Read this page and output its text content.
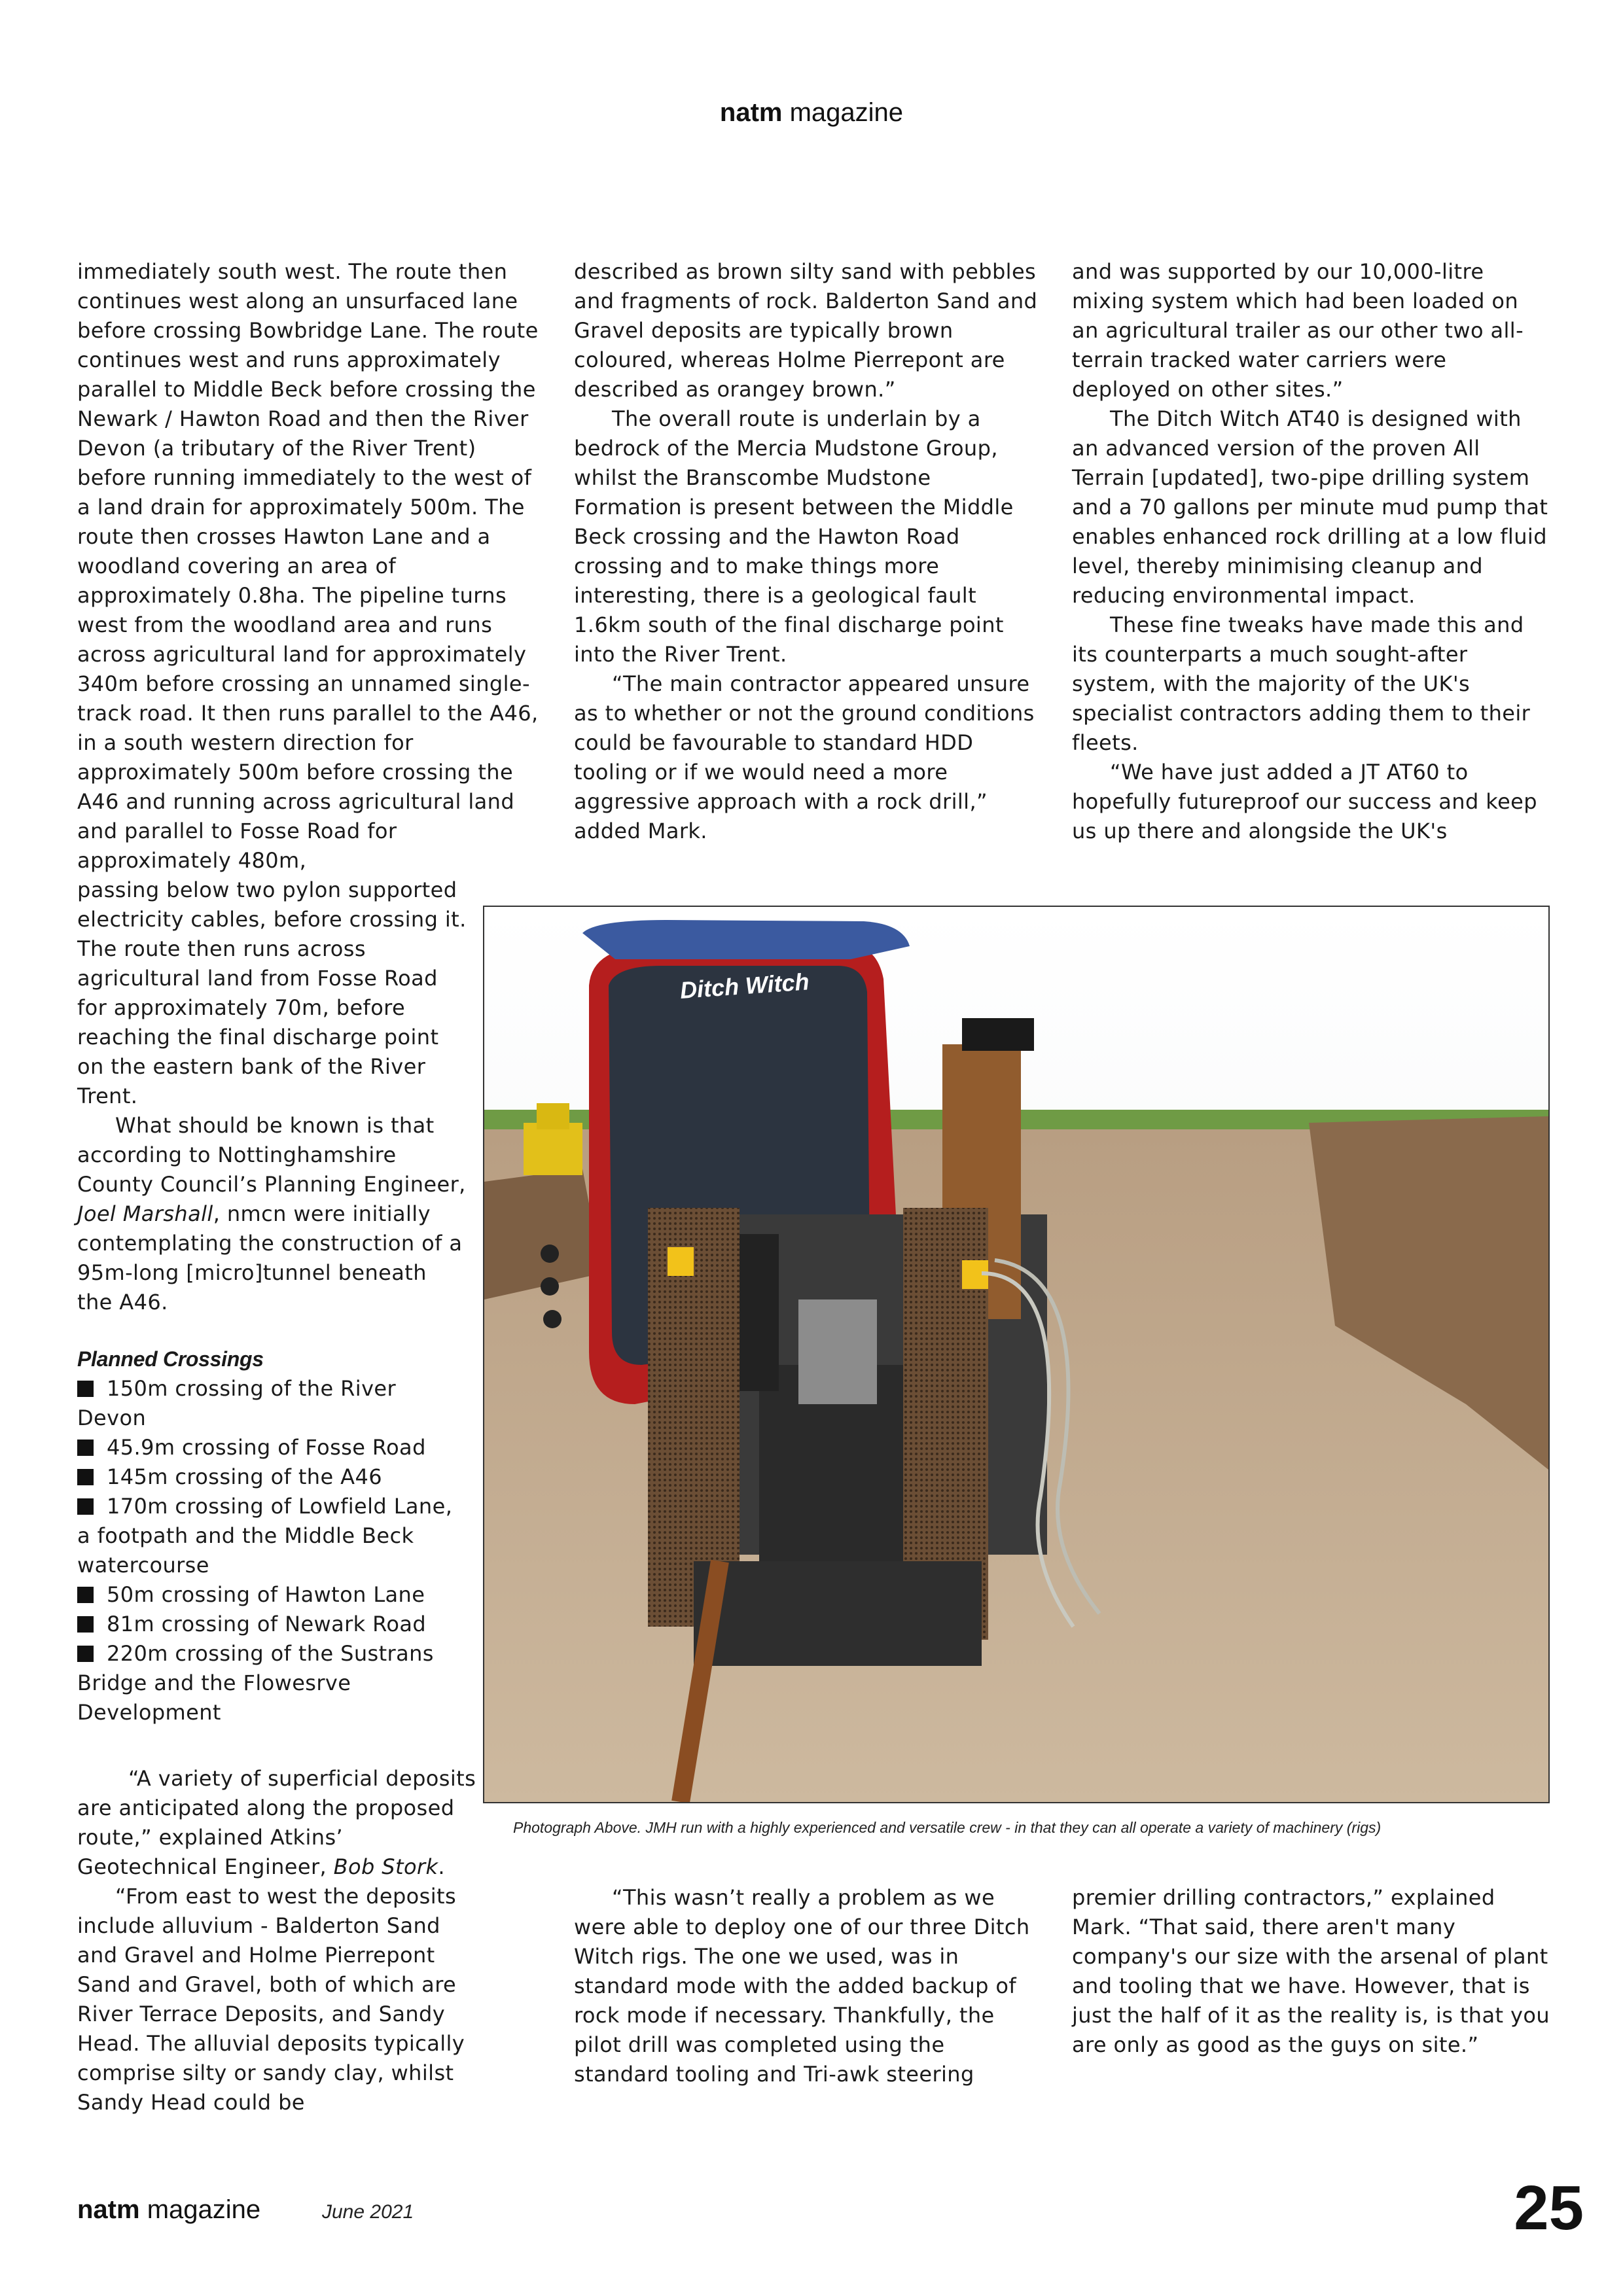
natm magazine

immediately south west. The route then continues west along an unsurfaced lane before crossing Bowbridge Lane. The route continues west and runs approximately parallel to Middle Beck before crossing the Newark / Hawton Road and then the River Devon (a tributary of the River Trent) before running immediately to the west of a land drain for approximately 500m. The route then crosses Hawton Lane and a woodland covering an area of approximately 0.8ha. The pipeline turns west from the woodland area and runs across agricultural land for approximately 340m before crossing an unnamed single-track road. It then runs parallel to the A46, in a south western direction for approximately 500m before crossing the A46 and running across agricultural land and parallel to Fosse Road for approximately 480m,

passing below two pylon supported electricity cables, before crossing it. The route then runs across agricultural land from Fosse Road for approximately 70m, before reaching the final discharge point on the eastern bank of the River Trent.

What should be known is that according to Nottinghamshire County Council’s Planning Engineer, Joel Marshall, nmcn were initially contemplating the construction of a 95m-long [micro]tunnel beneath the A46.

Planned Crossings

150m crossing of the River Devon

45.9m crossing of Fosse Road

145m crossing of the A46

170m crossing of Lowfield Lane, a footpath and the Middle Beck watercourse

50m crossing of Hawton Lane

81m crossing of Newark Road

220m crossing of the Sustrans Bridge and the Flowesrve Development

“A variety of superficial deposits are anticipated along the proposed route,” explained Atkins’ Geotechnical Engineer, Bob Stork.

“From east to west the deposits include alluvium - Balderton Sand and Gravel and Holme Pierrepont Sand and Gravel, both of which are River Terrace Deposits, and Sandy Head. The alluvial deposits typically comprise silty or sandy clay, whilst Sandy Head could be

described as brown silty sand with pebbles and fragments of rock. Balderton Sand and Gravel deposits are typically brown coloured, whereas Holme Pierrepont are described as orangey brown.”

The overall route is underlain by a bedrock of the Mercia Mudstone Group, whilst the Branscombe Mudstone Formation is present between the Middle Beck crossing and the Hawton Road crossing and to make things more interesting, there is a geological fault 1.6km south of the final discharge point into the River Trent.

“The main contractor appeared unsure as to whether or not the ground conditions could be favourable to standard HDD tooling or if we would need a more aggressive approach with a rock drill,” added Mark.

“This wasn’t really a problem as we were able to deploy one of our three Ditch Witch rigs. The one we used, was in standard mode with the added backup of rock mode if necessary. Thankfully, the pilot drill was completed using the standard tooling and Tri-awk steering

and was supported by our 10,000-litre mixing system which had been loaded on an agricultural trailer as our other two all-terrain tracked water carriers were deployed on other sites.”

The Ditch Witch AT40 is designed with an advanced version of the proven All Terrain [updated], two-pipe drilling system and a 70 gallons per minute mud pump that enables enhanced rock drilling at a low fluid level, thereby minimising cleanup and reducing environmental impact.

These fine tweaks have made this and its counterparts a much sought-after system, with the majority of the UK's specialist contractors adding them to their fleets.

“We have just added a JT AT60 to hopefully futureproof our success and keep us up there and alongside the UK's

premier drilling contractors,” explained Mark. “That said, there aren't many company's our size with the arsenal of plant and tooling that we have. However, that is just the half of it as the reality is, is that you are only as good as the guys on site.”

Ditch Witch
Photograph Above. JMH run with a highly experienced and versatile crew - in that they can all operate a variety of machinery (rigs)
natm magazine	June 2021	25
